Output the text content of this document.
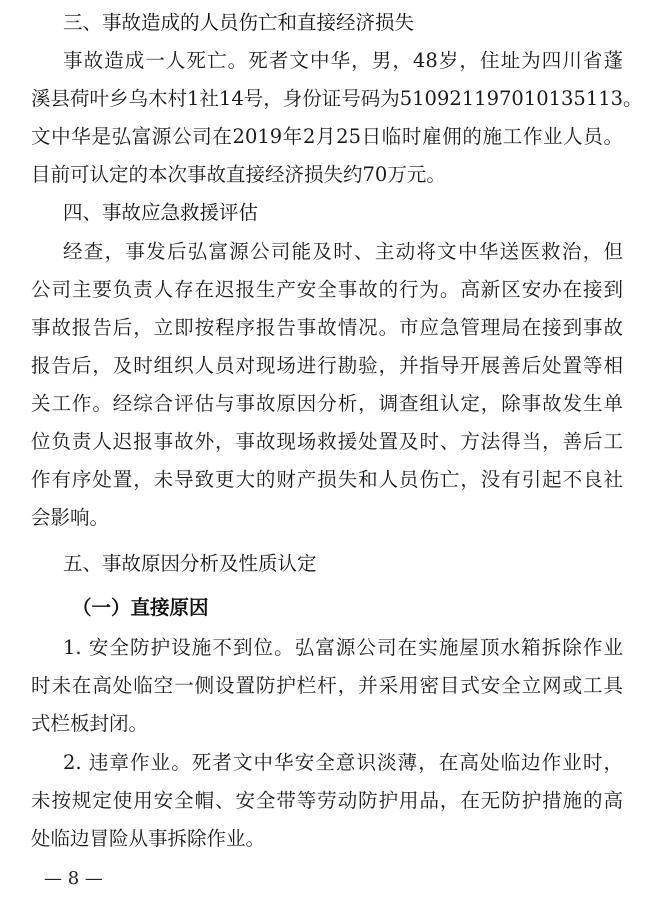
三、事故造成的人员伤亡和直接经济损失
事故造成一人死亡。死者文中华，男，48岁，住址为四川省蓬
溪县荷叶乡乌木村1社14号，身份证号码为510921197010135113。
文中华是弘富源公司在2019年2月25日临时雇佣的施工作业人员。
目前可认定的本次事故直接经济损失约70万元。
四、事故应急救援评估
经查，事发后弘富源公司能及时、主动将文中华送医救治，但
公司主要负责人存在迟报生产安全事故的行为。高新区安办在接到
事故报告后，立即按程序报告事故情况。市应急管理局在接到事故
报告后，及时组织人员对现场进行勘验，并指导开展善后处置等相
关工作。经综合评估与事故原因分析，调查组认定，除事故发生单
位负责人迟报事故外，事故现场救援处置及时、方法得当，善后工
作有序处置，未导致更大的财产损失和人员伤亡，没有引起不良社
会影响。
五、事故原因分析及性质认定
（一）直接原因
1. 安全防护设施不到位。弘富源公司在实施屋顶水箱拆除作业
时未在高处临空一侧设置防护栏杆，并采用密目式安全立网或工具
式栏板封闭。
2. 违章作业。死者文中华安全意识淡薄，在高处临边作业时，
未按规定使用安全帽、安全带等劳动防护用品，在无防护措施的高
处临边冒险从事拆除作业。
— 8 —
